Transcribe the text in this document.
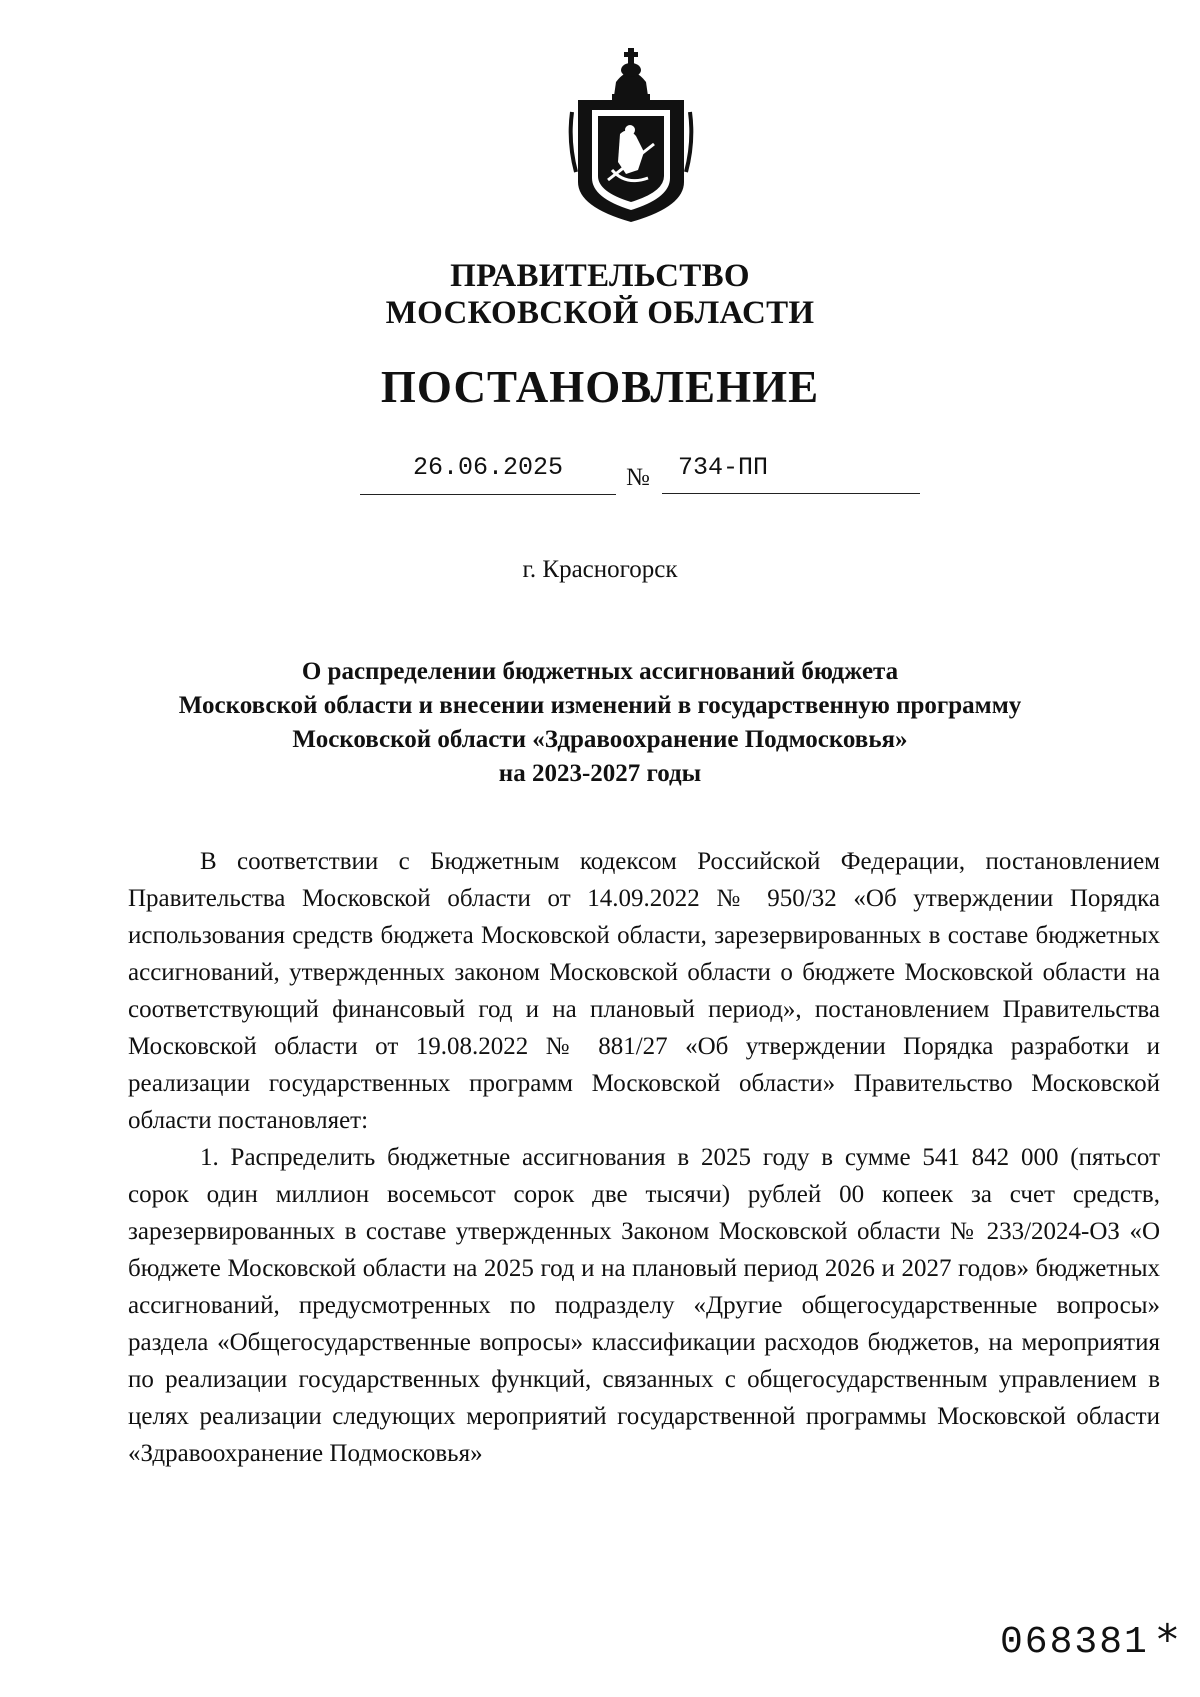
ПРАВИТЕЛЬСТВО
МОСКОВСКОЙ ОБЛАСТИ
ПОСТАНОВЛЕНИЕ
26.06.2025	№	734-ПП
г. Красногорск
О распределении бюджетных ассигнований бюджета
Московской области и внесении изменений в государственную программу
Московской области «Здравоохранение Подмосковья»
на 2023-2027 годы

В соответствии с Бюджетным кодексом Российской Федерации, постановлением Правительства Московской области от 14.09.2022 № 950/32 «Об утверждении Порядка использования средств бюджета Московской области, зарезервированных в составе бюджетных ассигнований, утвержденных законом Московской области о бюджете Московской области на соответствующий финансовый год и на плановый период», постановлением Правительства Московской области от 19.08.2022 № 881/27 «Об утверждении Порядка разработки и реализации государственных программ Московской области» Правительство Московской области постановляет:

1. Распределить бюджетные ассигнования в 2025 году в сумме 541 842 000 (пятьсот сорок один миллион восемьсот сорок две тысячи) рублей 00 копеек за счет средств, зарезервированных в составе утвержденных Законом Московской области № 233/2024-ОЗ «О бюджете Московской области на 2025 год и на плановый период 2026 и 2027 годов» бюджетных ассигнований, предусмотренных по подразделу «Другие общегосударственные вопросы» раздела «Общегосударственные вопросы» классификации расходов бюджетов, на мероприятия по реализации государственных функций, связанных с общегосударственным управлением в целях реализации следующих мероприятий государственной программы Московской области «Здравоохранение Подмосковья»

068381 *
